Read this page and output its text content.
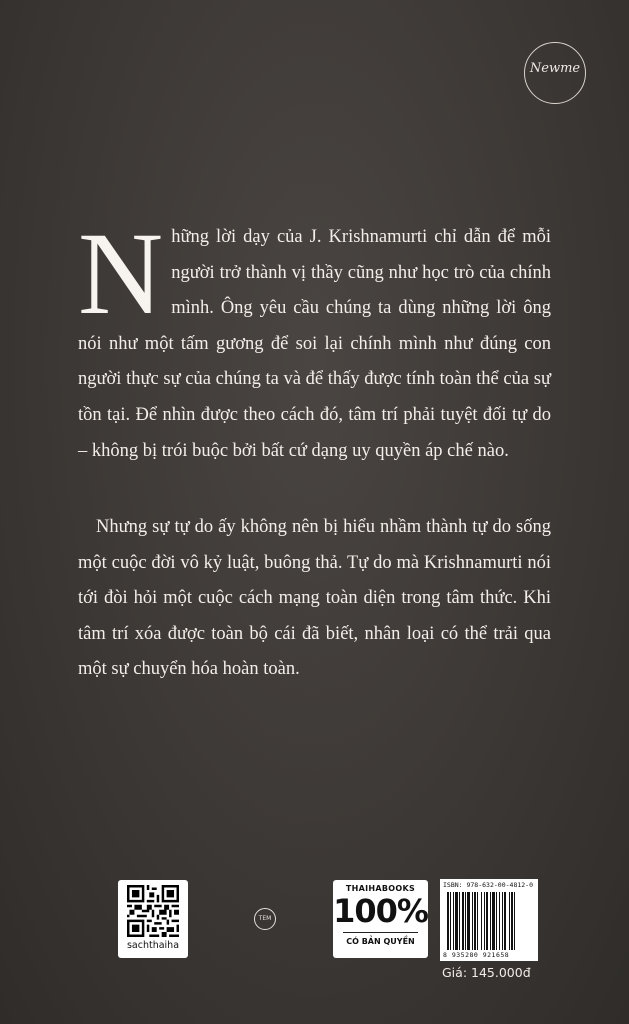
Newme
N hững lời dạy của J. Krishnamurti chỉ dẫn để mỗi người trở thành vị thầy cũng như học trò của chính mình. Ông yêu cầu chúng ta dùng những lời ông nói như một tấm gương để soi lại chính mình như đúng con người thực sự của chúng ta và để thấy được tính toàn thể của sự tồn tại. Để nhìn được theo cách đó, tâm trí phải tuyệt đối tự do – không bị trói buộc bởi bất cứ dạng uy quyền áp chế nào.
Nhưng sự tự do ấy không nên bị hiểu nhầm thành tự do sống một cuộc đời vô kỷ luật, buông thả. Tự do mà Krishnamurti nói tới đòi hỏi một cuộc cách mạng toàn diện trong tâm thức. Khi tâm trí xóa được toàn bộ cái đã biết, nhân loại có thể trải qua một sự chuyển hóa hoàn toàn.
sachthaiha
TEM
THAIHABOOKS
100%
CÓ BẢN QUYỀN
ISBN: 978-632-00-4812-0
8 935280 921658
Giá: 145.000đ
